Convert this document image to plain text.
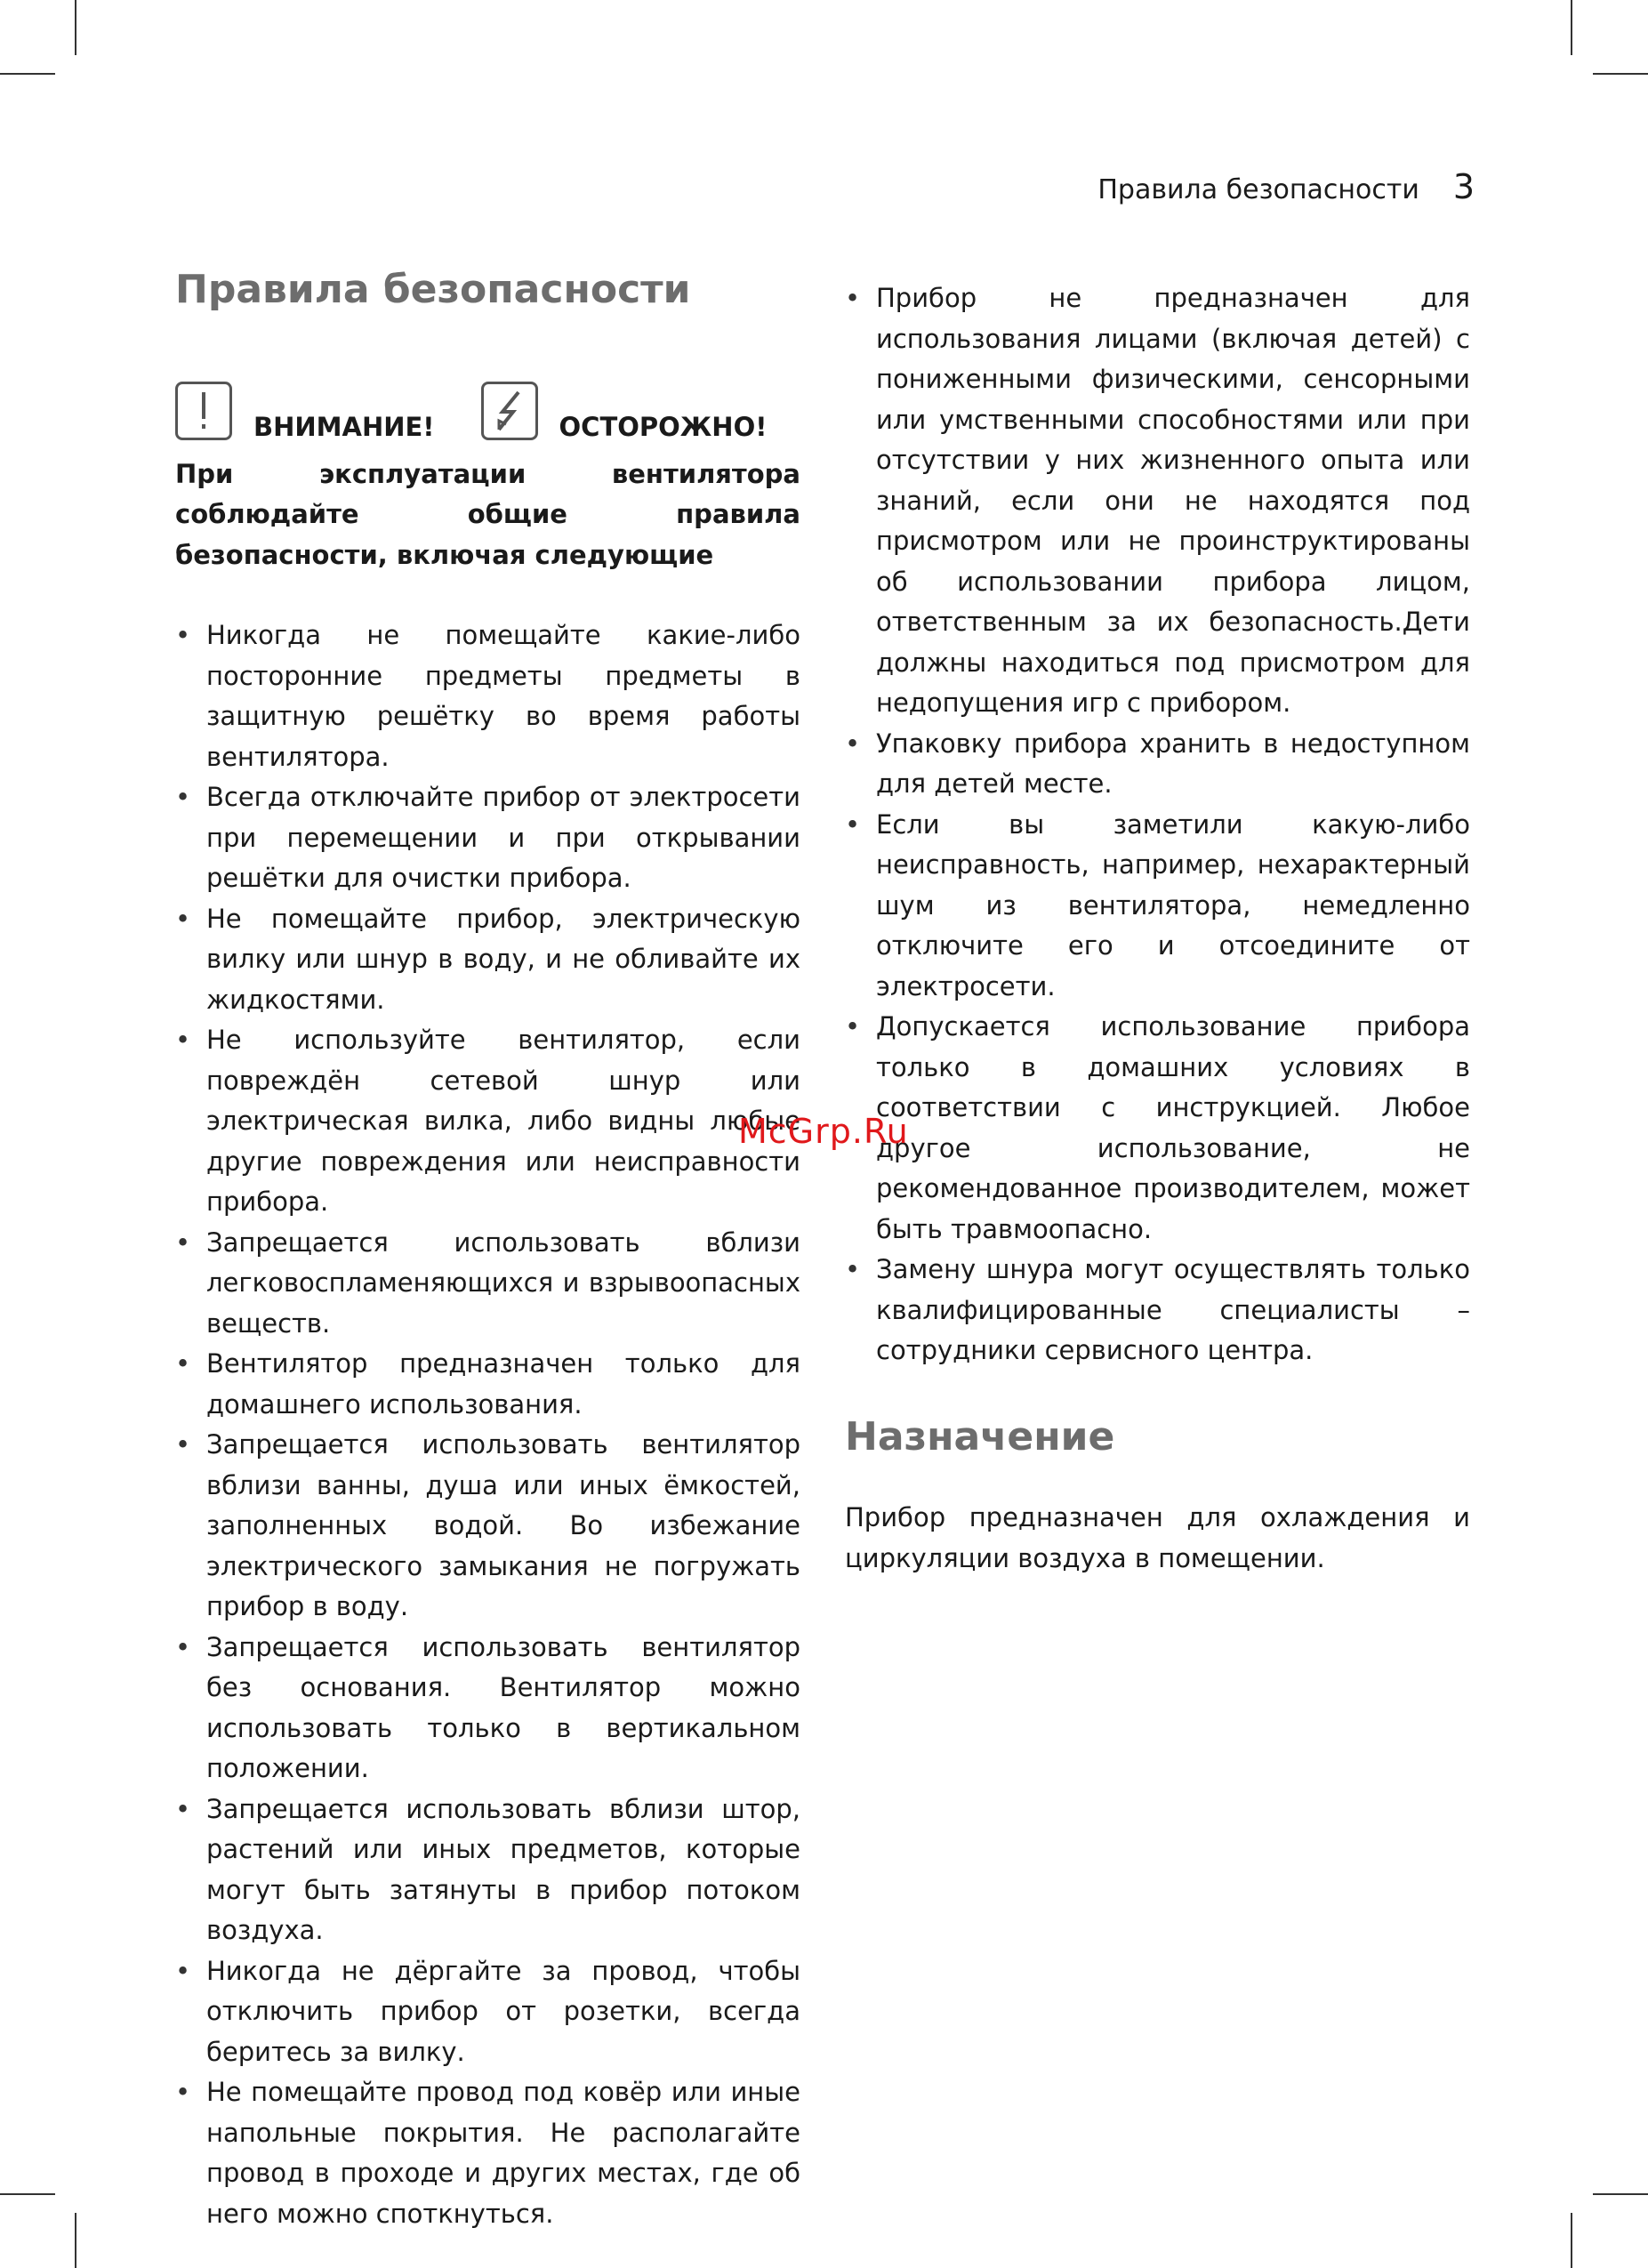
Правила безопасности 3
Правила безопасности
ВНИМАНИЕ!	ОСТОРОЖНО!

При эксплуатации вентилятора соблюдайте общие правила безопасности, включая следующие

• Никогда не помещайте какие-либо посторонние предметы предметы в защитную решётку во время работы вентилятора.
• Всегда отключайте прибор от электросети при перемещении и при открывании решётки для очистки прибора.
• Не помещайте прибор, электрическую вилку или шнур в воду, и не обливайте их жидкостями.
• Не используйте вентилятор, если повреждён сетевой шнур или электрическая вилка, либо видны любые другие повреждения или неисправности прибора.
• Запрещается использовать вблизи легковоспламеняющихся и взрывоопасных веществ.
• Вентилятор предназначен только для домашнего использования.
• Запрещается использовать вентилятор вблизи ванны, душа или иных ёмкостей, заполненных водой. Во избежание электрического замыкания не погружать прибор в воду.
• Запрещается использовать вентилятор без основания. Вентилятор можно использовать только в вертикальном положении.
• Запрещается использовать вблизи штор, растений или иных предметов, которые могут быть затянуты в прибор потоком воздуха.
• Никогда не дёргайте за провод, чтобы отключить прибор от розетки, всегда беритесь за вилку.
• Не помещайте провод под ковёр или иные напольные покрытия. Не располагайте провод в проходе и других местах, где об него можно споткнуться.
• Прибор не предназначен для использования лицами (включая детей) с пониженными физическими, сенсорными или умственными способностями или при отсутствии у них жизненного опыта или знаний, если они не находятся под присмотром или не проинструктированы об использовании прибора лицом, ответственным за их безопасность.Дети должны находиться под присмотром для недопущения игр с прибором.
• Упаковку прибора хранить в недоступном для детей месте.
• Если вы заметили какую-либо неисправность, например, нехарактерный шум из вентилятора, немедленно отключите его и отсоедините от электросети.
• Допускается использование прибора только в домашних условиях в соответствии с инструкцией. Любое другое использование, не рекомендованное производителем, может быть травмоопасно.
• Замену шнура могут осуществлять только квалифицированные специалисты – сотрудники сервисного центра.
Назначение

Прибор предназначен для охлаждения и циркуляции воздуха в помещении.

McGrp.Ru
